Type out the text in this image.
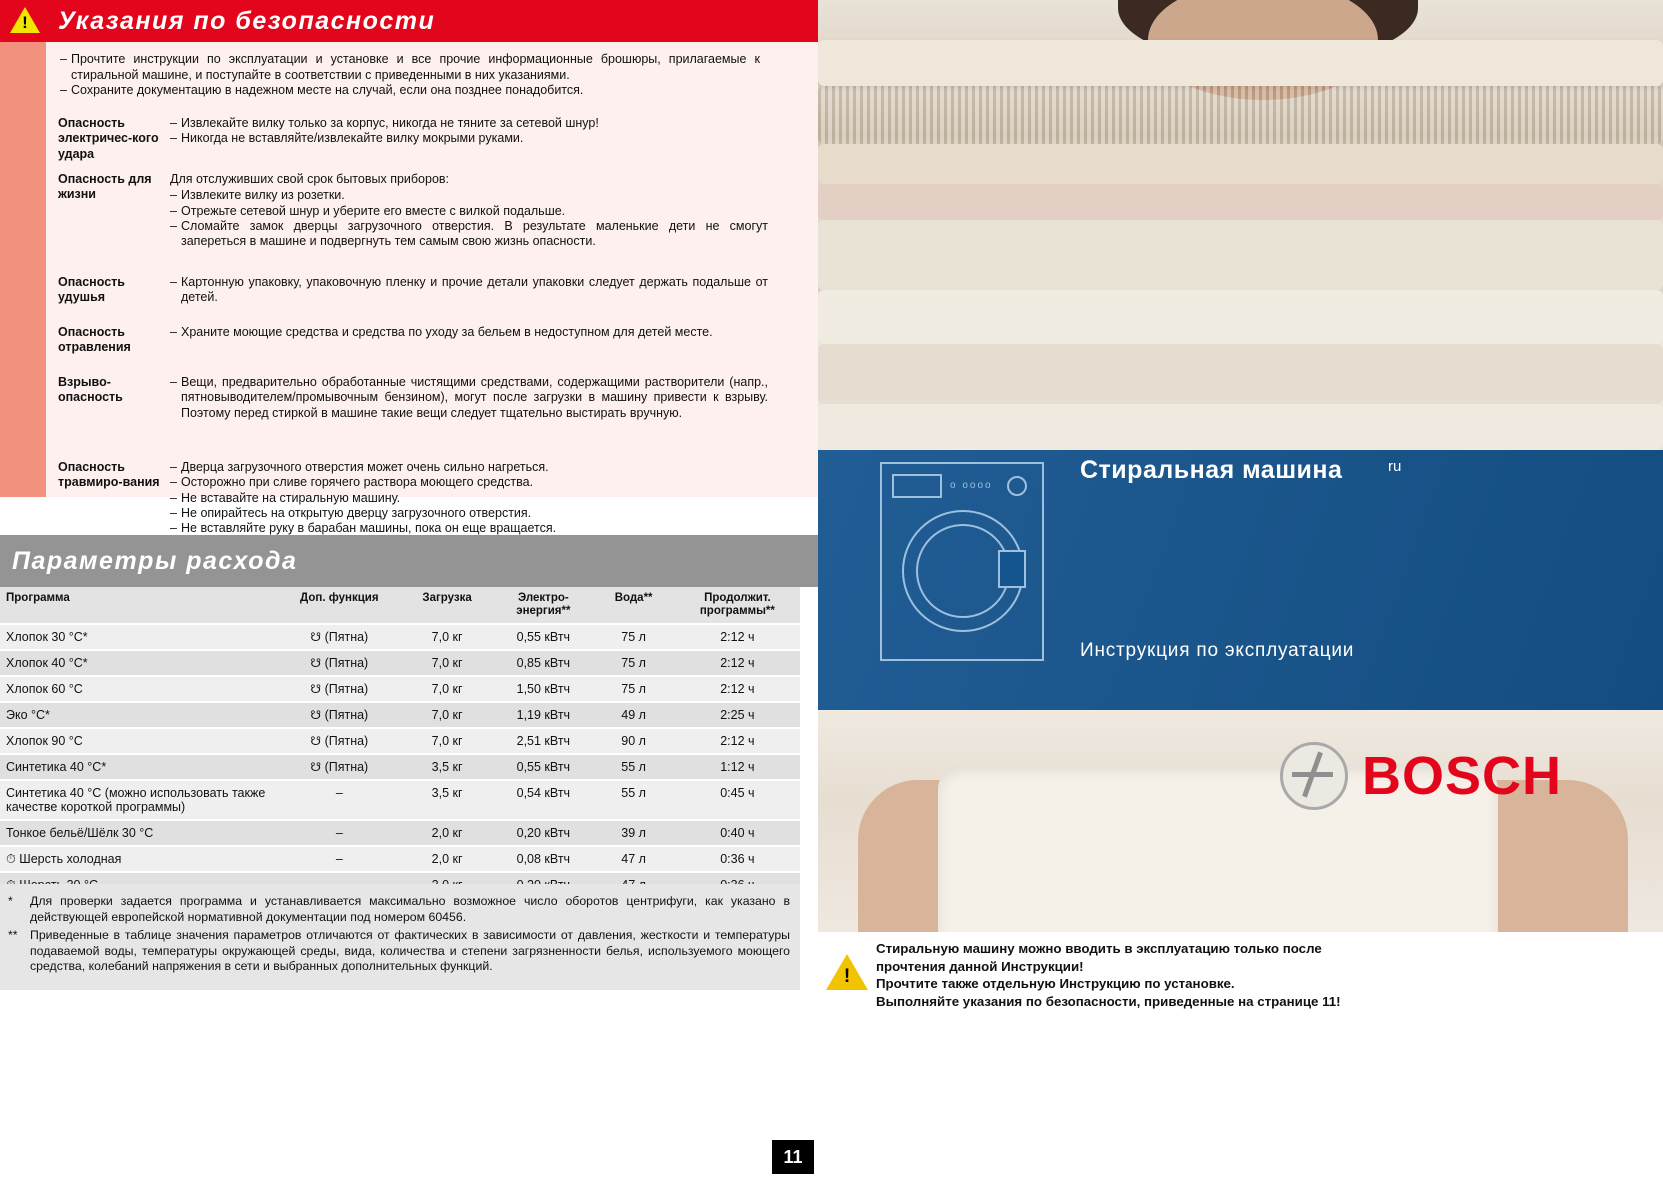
!	Указания по безопасности
– Прочтите инструкции по эксплуатации и установке и все прочие информационные брошюры, прилагаемые к стиральной машине, и поступайте в соответствии с приведенными в них указаниями.
– Сохраните документацию в надежном месте на случай, если она позднее понадобится.
Опасность электричес-кого удара
– Извлекайте вилку только за корпус, никогда не тяните за сетевой шнур!
– Никогда не вставляйте/извлекайте вилку мокрыми руками.
Опасность для жизни
Для отслуживших свой срок бытовых приборов:
– Извлеките вилку из розетки.
– Отрежьте сетевой шнур и уберите его вместе с вилкой подальше.
– Сломайте замок дверцы загрузочного отверстия. В результате маленькие дети не смогут запереться в машине и подвергнуть тем самым свою жизнь опасности.
Опасность удушья
– Картонную упаковку, упаковочную пленку и прочие детали упаковки следует держать подальше от детей.
Опасность отравления
– Храните моющие средства и средства по уходу за бельем в недоступном для детей месте.
Взрыво-опасность
– Вещи, предварительно обработанные чистящими средствами, содержащими растворители (напр., пятновыводителем/промывочным бензином), могут после загрузки в машину привести к взрыву. Поэтому перед стиркой в машине такие вещи следует тщательно выстирать вручную.
Опасность травмиро-вания
– Дверца загрузочного отверстия может очень сильно нагреться.
– Осторожно при сливе горячего раствора моющего средства.
– Не вставайте на стиральную машину.
– Не опирайтесь на открытую дверцу загрузочного отверстия.
– Не вставляйте руку в барабан машины, пока он еще вращается.
Параметры расхода
Программа	Доп. функция	Загрузка	Электро-энергия**	Вода**	Продолжит. программы**
Хлопок 30 °C*	☋ (Пятна)	7,0 кг	0,55 кВтч	75 л	2:12 ч
Хлопок 40 °C*	☋ (Пятна)	7,0 кг	0,85 кВтч	75 л	2:12 ч
Хлопок 60 °C	☋ (Пятна)	7,0 кг	1,50 кВтч	75 л	2:12 ч
Эко °C*	☋ (Пятна)	7,0 кг	1,19 кВтч	49 л	2:25 ч
Хлопок 90 °C	☋ (Пятна)	7,0 кг	2,51 кВтч	90 л	2:12 ч
Синтетика 40 °C*	☋ (Пятна)	3,5 кг	0,55 кВтч	55 л	1:12 ч
Синтетика 40 °C (можно использовать также качестве короткой программы)	–	3,5 кг	0,54 кВтч	55 л	0:45 ч
Тонкое бельё/Шёлк 30 °C	–	2,0 кг	0,20 кВтч	39 л	0:40 ч
⏱ Шерсть холодная	–	2,0 кг	0,08 кВтч	47 л	0:36 ч

*	Для проверки задается программа и устанавливается максимально возможное число оборотов центрифуги, как указано в действующей европейской нормативной документации под номером 60456.
**	Приведенные в таблице значения параметров отличаются от фактических в зависимости от давления, жесткости и температуры подаваемой воды, температуры окружающей среды, вида, количества и степени загрязненности белья, используемого моющего средства, колебаний напряжения в сети и выбранных дополнительных функций.
11
o oooo
Стиральная машина	ru
Инструкция по эксплуатации
BOSCH
!
Стиральную машину можно вводить в эксплуатацию только после
прочтения данной Инструкции!
Прочтите также отдельную Инструкцию по установке.
Выполняйте указания по безопасности, приведенные на странице 11!
